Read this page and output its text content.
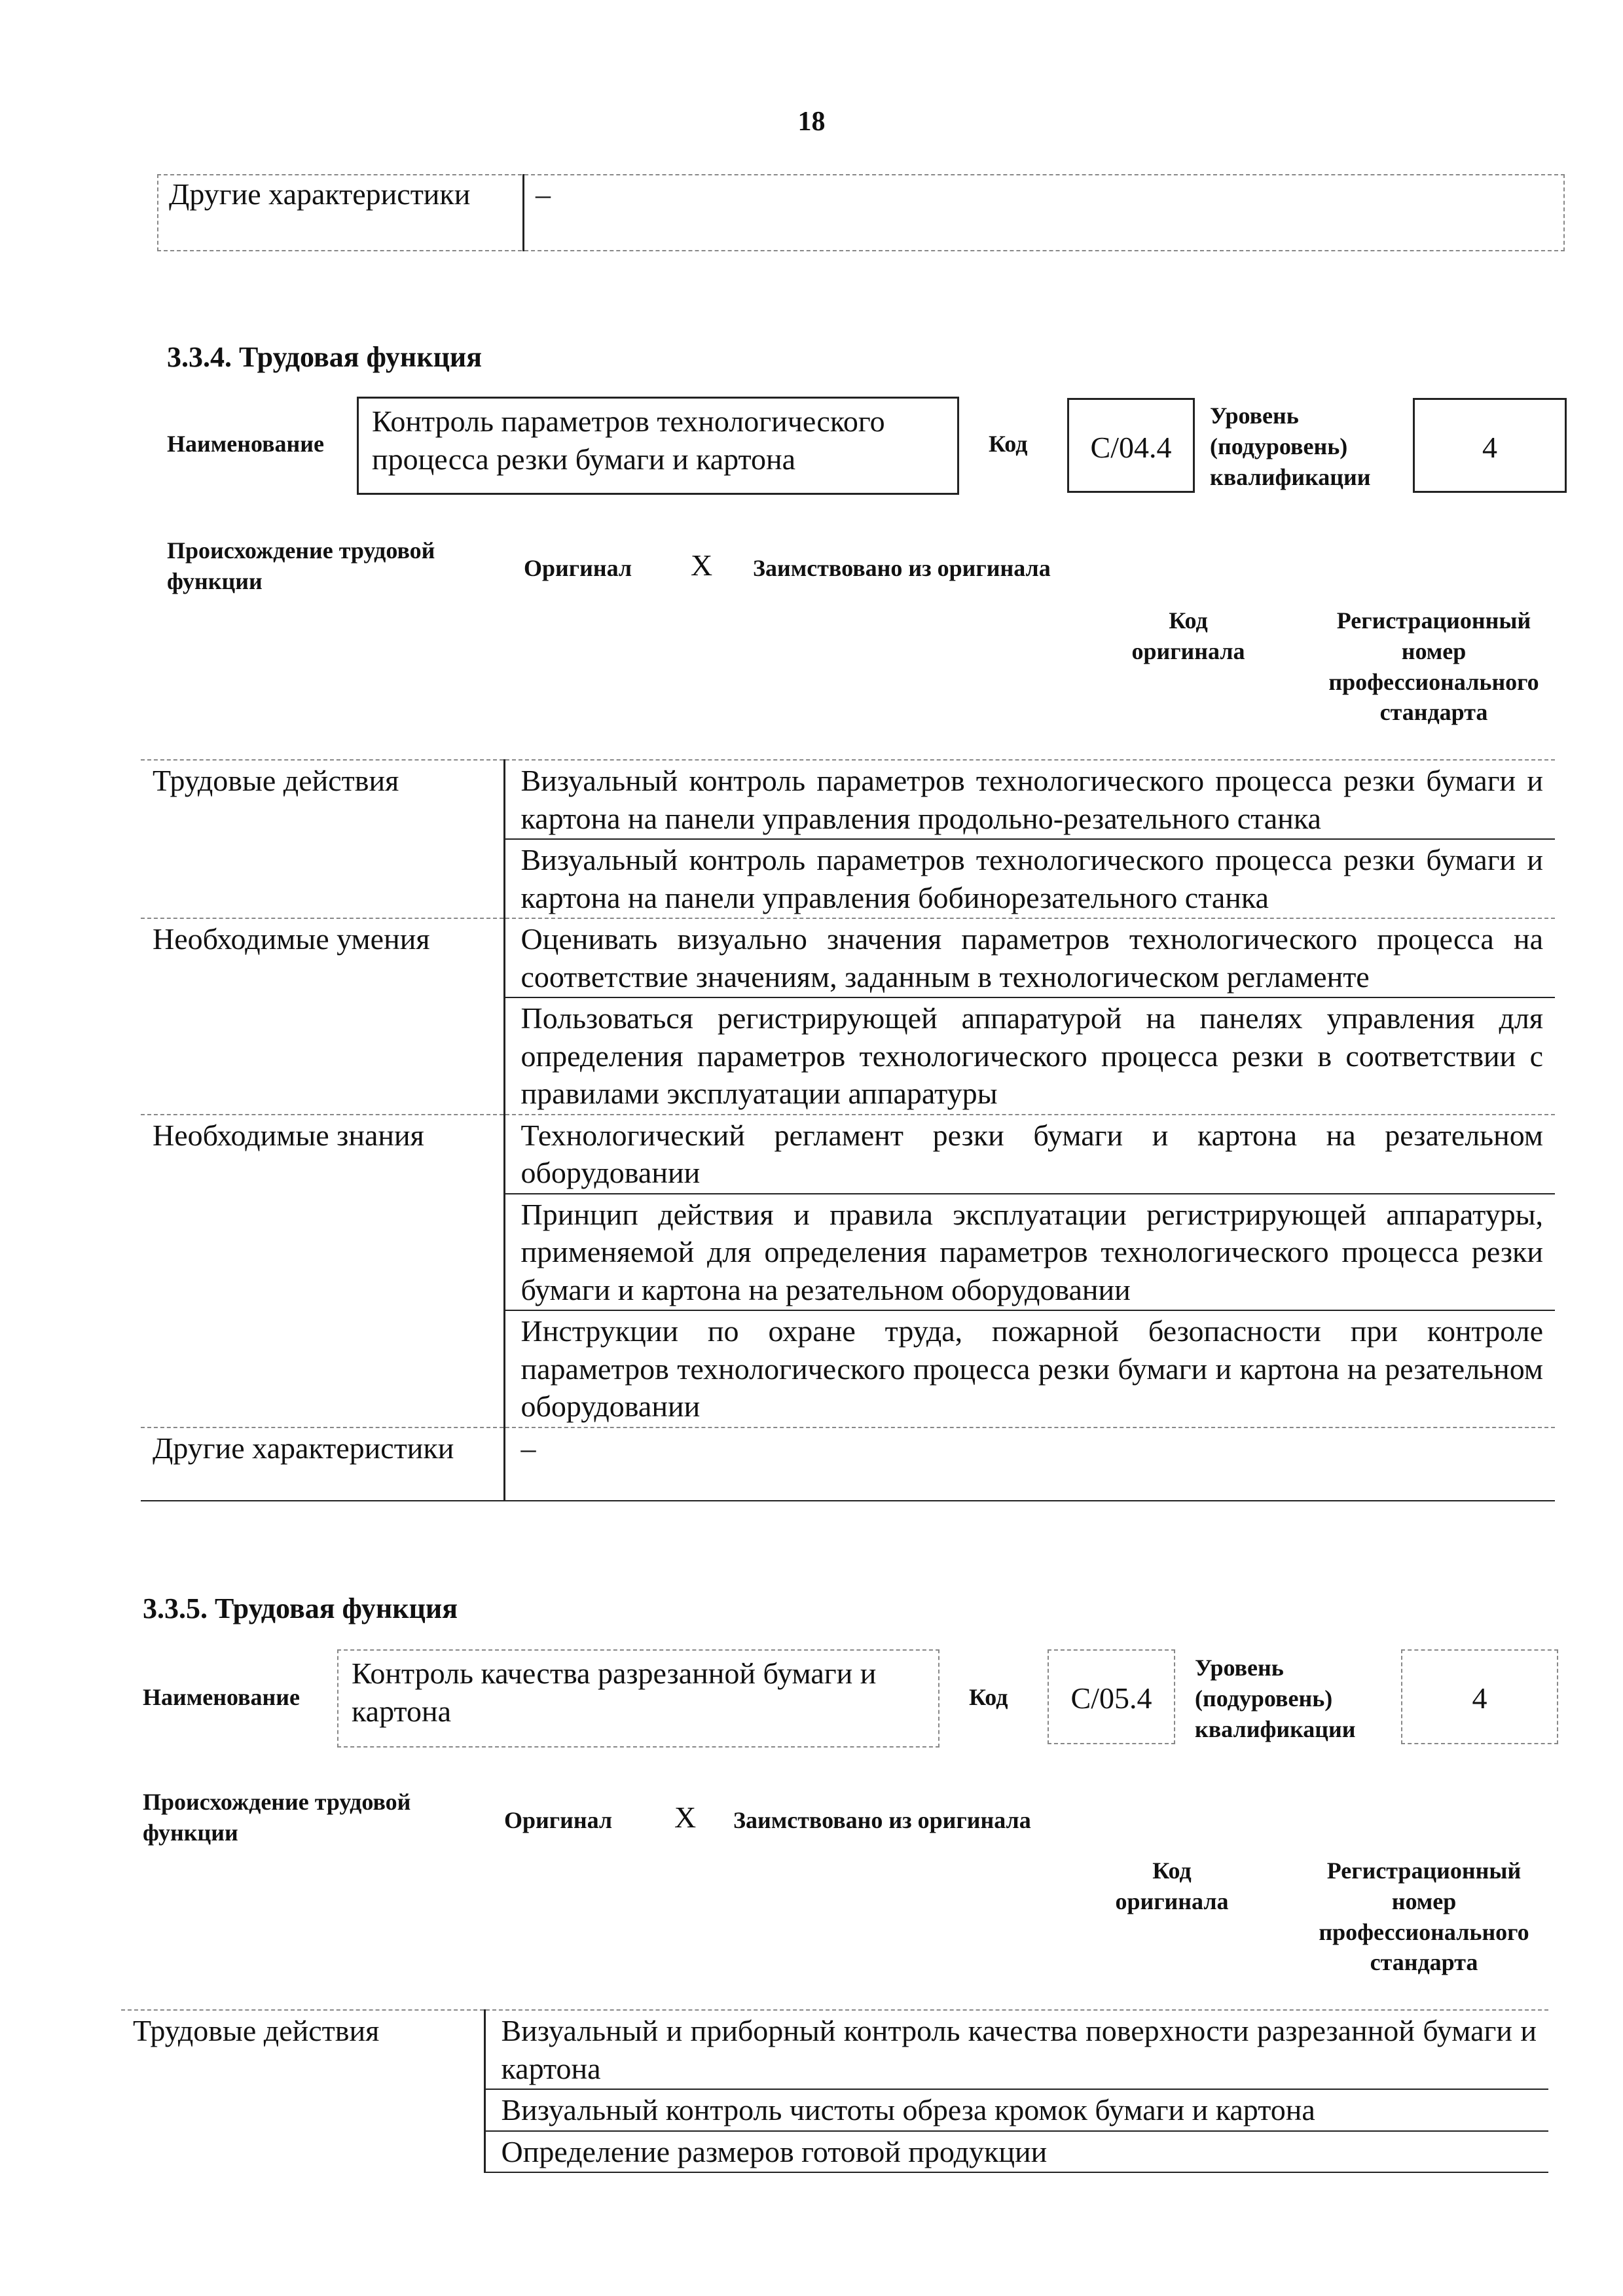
18
Другие характеристики –
3.3.4. Трудовая функция
Наименование
Контроль параметров технологического процесса резки бумаги и картона	Код	C/04.4
Уровень (подуровень) квалификации
4
Происхождение трудовой функции	Оригинал Х Заимствовано из оригинала
Код оригинала
Регистрационный номер профессионального стандарта
Трудовые действия	Визуальный контроль параметров технологического процесса резки бумаги и картона на панели управления продольно-резательного станка
	Визуальный контроль параметров технологического процесса резки бумаги и картона на панели управления бобинорезательного станка
Необходимые умения	Оценивать визуально значения параметров технологического процесса на соответствие значениям, заданным в технологическом регламенте
	Пользоваться регистрирующей аппаратурой на панелях управления для определения параметров технологического процесса резки в соответствии с правилами эксплуатации аппаратуры
Необходимые знания	Технологический регламент резки бумаги и картона на резательном оборудовании
	Принцип действия и правила эксплуатации регистрирующей аппаратуры, применяемой для определения параметров технологического процесса резки бумаги и картона на резательном оборудовании
	Инструкции по охране труда, пожарной безопасности при контроле параметров технологического процесса резки бумаги и картона на резательном оборудовании
Другие характеристики	–
3.3.5. Трудовая функция
Наименование
Контроль качества разрезанной бумаги и картона	Код	C/05.4
Уровень (подуровень) квалификации
4
Происхождение трудовой функции	Оригинал Х Заимствовано из оригинала
Код оригинала
Регистрационный номер профессионального стандарта
Трудовые действия	Визуальный и приборный контроль качества поверхности разрезанной бумаги и картона
Визуальный контроль чистоты обреза кромок бумаги и картона
Определение размеров готовой продукции
